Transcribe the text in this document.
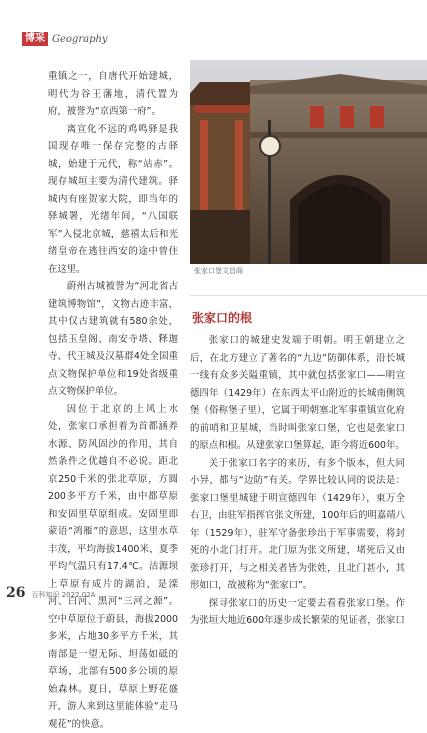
博采 Geography

重镇之一，自唐代开始建城，明代为谷王藩地，清代置为府，被誉为“京西第一府”。

离宣化不远的鸡鸣驿是我国现存唯一保存完整的古驿城，始建于元代，称“站赤”。现存城垣主要为清代建筑。驿城内有座贺家大院，即当年的驿城署，光绪年间，“八国联军”入侵北京城，慈禧太后和光绪皇帝在逃往西安的途中曾住在这里。

蔚州古城被誉为“河北省古建筑博物馆”，文物古迹丰富，其中仅古建筑就有580余处，包括玉皇阁、南安寺塔、释迦寺、代王城及汉墓群4处全国重点文物保护单位和19处省级重点文物保护单位。

因位于北京的上风上水处，张家口承担着为首都涵养水源、防风固沙的作用，其自然条件之优越自不必说。距北京250千米的张北草原，方圆200多平方千米，由中都草原和安固里草原组成。安固里即蒙语“鸿雁”的意思，这里水草丰茂，平均海拔1400米，夏季平均气温只有17.4℃。沽源坝上草原有成片的湖泊，是滦河、白河、黑河“三河之源”。空中草原位于蔚县，海拔2000多米，占地30多平方千米，其南部是一望无际、坦荡如砥的草场，北部有500多公顷的原始森林。夏日，草原上野花盛开，游人来到这里能体验“走马观花”的快意。

张家口堡文昌阁
张家口的根

张家口的城建史发端于明朝。明王朝建立之后，在北方建立了著名的“九边”防御体系，沿长城一线有众多关隘重镇，其中就包括张家口——明宣德四年（1429年）在东西太平山附近的长城南侧筑堡（俗称堡子里），它属于明朝塞北军事重镇宣化府的前哨和卫星城，当时叫张家口堡，它也是张家口的原点和根。从建张家口堡算起，距今将近600年。

关于张家口名字的来历，有多个版本，但大同小异，都与“边防”有关。学界比较认同的说法是：张家口堡里城建于明宣德四年（1429年），東万全右卫，由驻军指挥官张文所建，100年后的明嘉靖八年（1529年），驻军守备张珍出于军事需要，将封死的小北门打开。北门原为张文所建，堵死后又由张珍打开，与之相关者皆为张姓，且北门甚小，其形如口，故被称为“张家口”。

探寻张家口的历史一定要去看看张家口堡。作为张垣大地近600年逐步成长繁荣的见证者，张家口

26 百科知识 2022.02A
